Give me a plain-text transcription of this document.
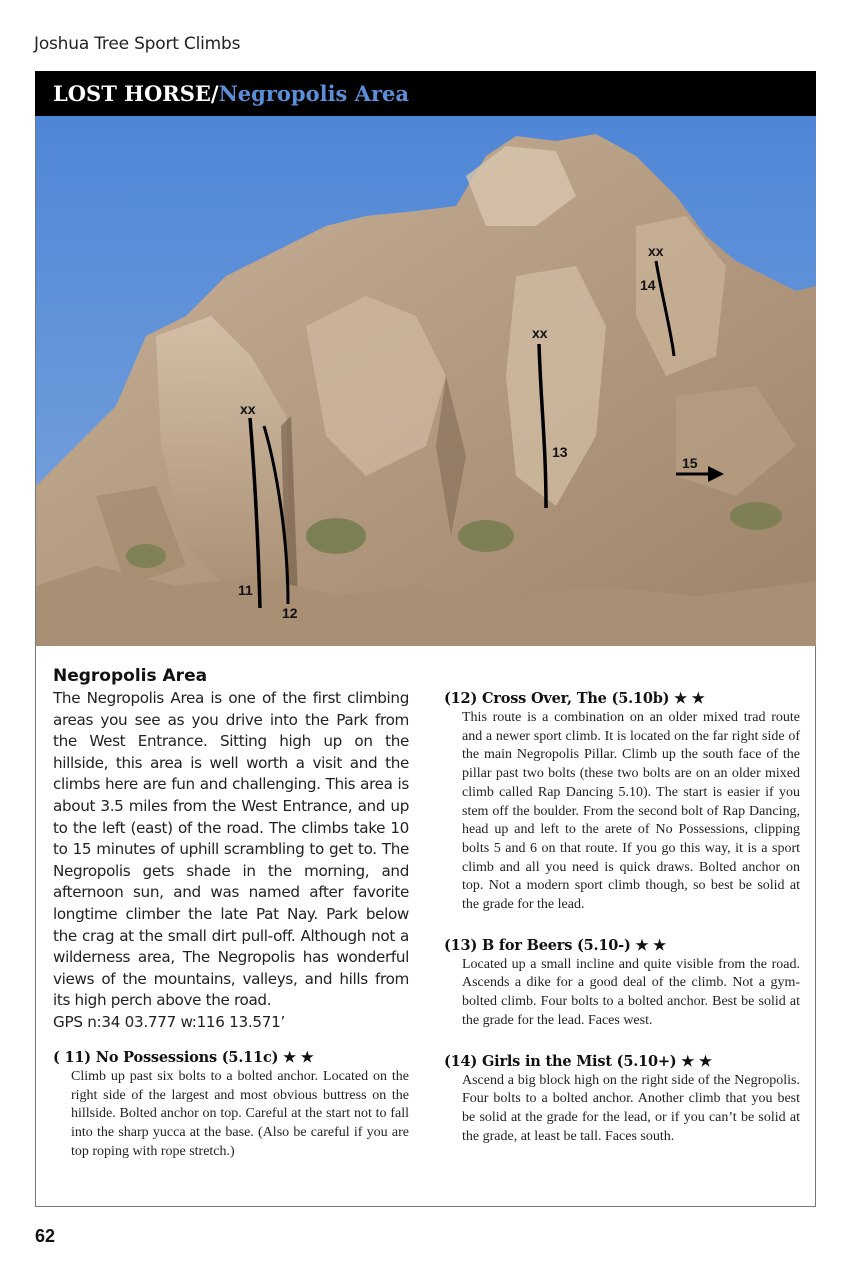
Joshua Tree Sport Climbs
LOST HORSE/Negropolis Area
xx
xx
xx
11
12
13
14
15
Negropolis Area

The Negropolis Area is one of the first climbing areas you see as you drive into the Park from the West Entrance. Sitting high up on the hillside, this area is well worth a visit and the climbs here are fun and challenging. This area is about 3.5 miles from the West Entrance, and up to the left (east) of the road. The climbs take 10 to 15 minutes of uphill scrambling to get to. The Negropolis gets shade in the morning, and afternoon sun, and was named after favorite longtime climber the late Pat Nay. Park below the crag at the small dirt pull-off. Although not a wilderness area, The Negropolis has wonderful views of the mountains, valleys, and hills from its high perch above the road.

GPS n:34 03.777 w:116 13.571’

( 11) No Possessions (5.11c) ★ ★

Climb up past six bolts to a bolted anchor. Located on the right side of the largest and most obvious buttress on the hillside. Bolted anchor on top. Careful at the start not to fall into the sharp yucca at the base. (Also be careful if you are top roping with rope stretch.)

(12) Cross Over, The (5.10b) ★ ★

This route is a combination on an older mixed trad route and a newer sport climb. It is located on the far right side of the main Negropolis Pillar. Climb up the south face of the pillar past two bolts (these two bolts are on an older mixed climb called Rap Dancing 5.10). The start is easier if you stem off the boulder. From the second bolt of Rap Dancing, head up and left to the arete of No Possessions, clipping bolts 5 and 6 on that route. If you go this way, it is a sport climb and all you need is quick draws. Bolted anchor on top. Not a modern sport climb though, so best be solid at the grade for the lead.

(13) B for Beers (5.10-) ★ ★

Located up a small incline and quite visible from the road. Ascends a dike for a good deal of the climb. Not a gym-bolted climb. Four bolts to a bolted anchor. Best be solid at the grade for the lead. Faces west.

(14) Girls in the Mist (5.10+) ★ ★

Ascend a big block high on the right side of the Negropolis. Four bolts to a bolted anchor. Another climb that you best be solid at the grade for the lead, or if you can’t be solid at the grade, at least be tall. Faces south.

62
